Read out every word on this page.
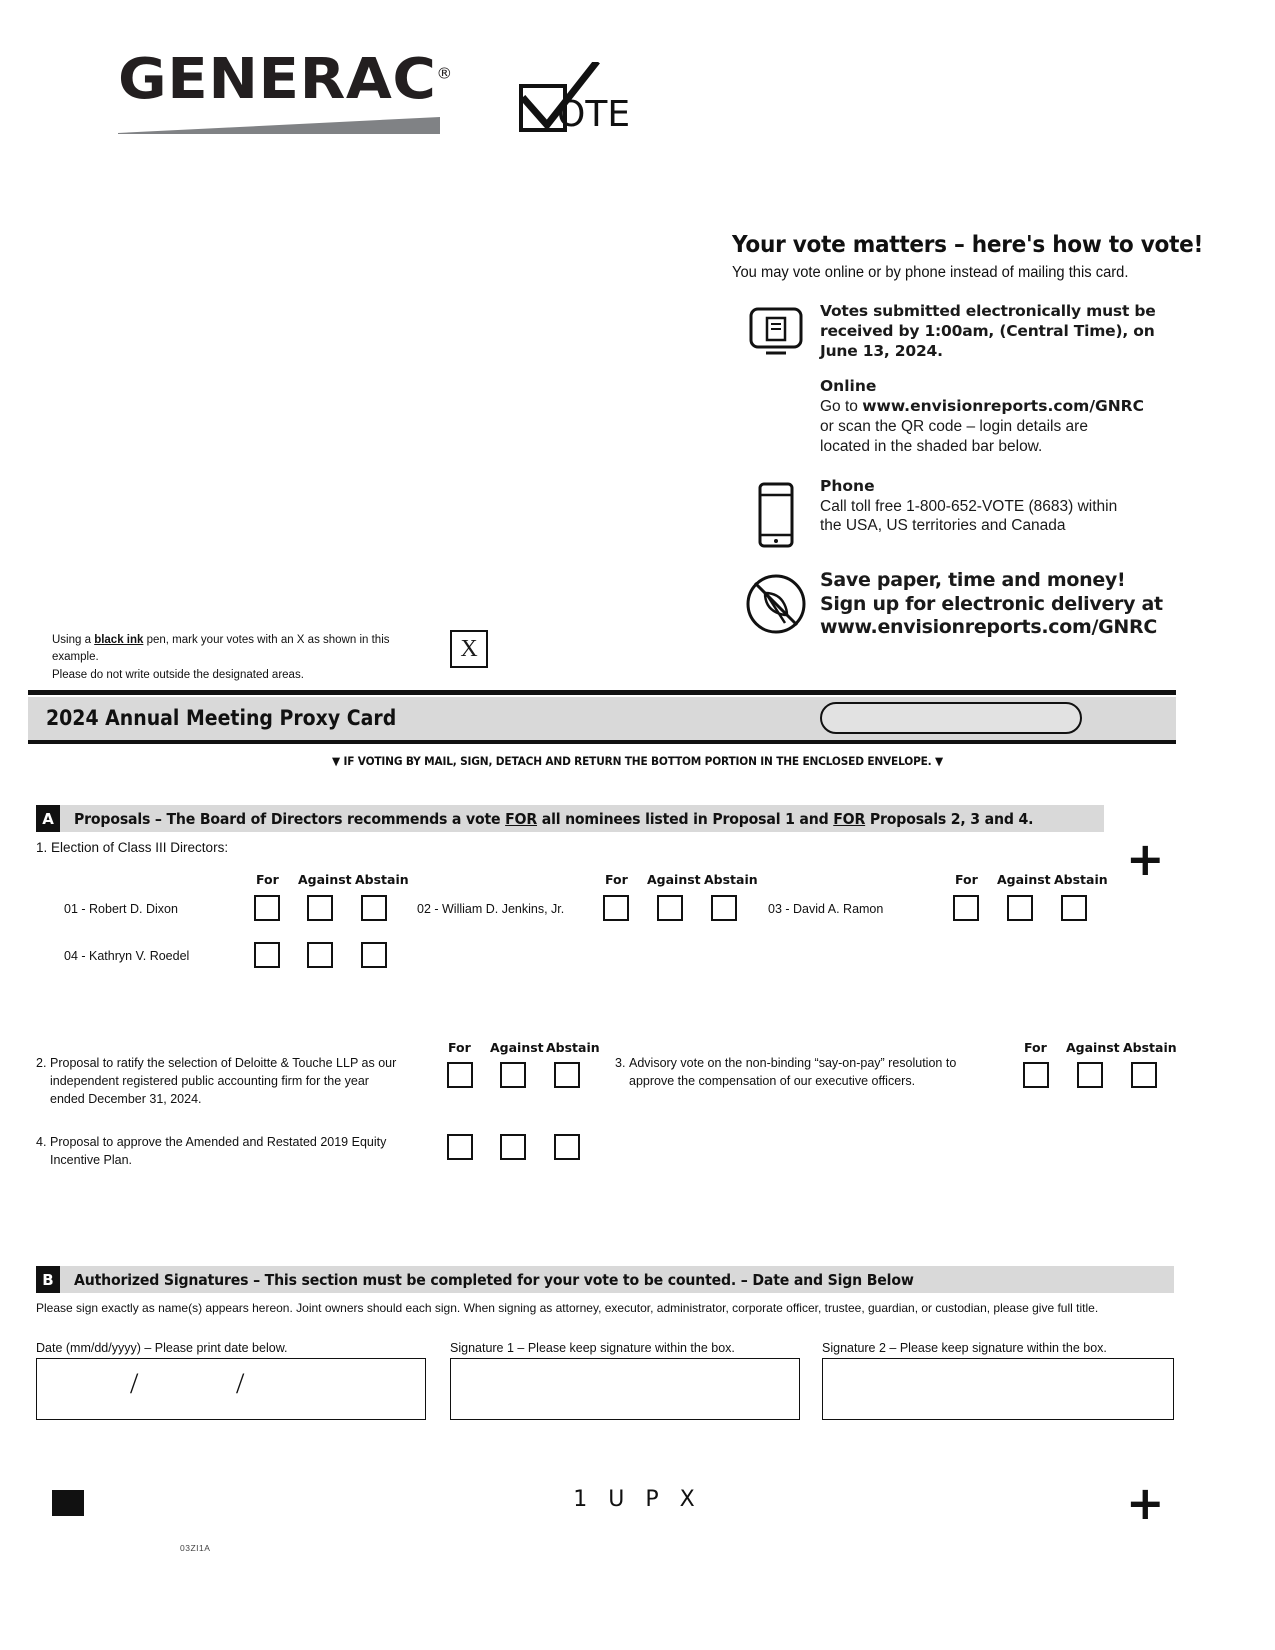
GENERAC®
OTE
Your vote matters – here's how to vote!
You may vote online or by phone instead of mailing this card.
Votes submitted electronically must be
received by 1:00am, (Central Time), on
June 13, 2024.
Online
Go to www.envisionreports.com/GNRC
or scan the QR code – login details are
located in the shaded bar below.
Phone
Call toll free 1-800-652-VOTE (8683) within
the USA, US territories and Canada
Save paper, time and money!
Sign up for electronic delivery at
www.envisionreports.com/GNRC
Using a black ink pen, mark your votes with an X as shown in this example.
Please do not write outside the designated areas.
X
2024 Annual Meeting Proxy Card
▼ IF VOTING BY MAIL, SIGN, DETACH AND RETURN THE BOTTOM PORTION IN THE ENCLOSED ENVELOPE. ▼
A	Proposals – The Board of Directors recommends a vote FOR all nominees listed in Proposal 1 and FOR Proposals 2, 3 and 4.
1. Election of Class III Directors:
01 - Robert D. Dixon
For Against Abstain
02 - William D. Jenkins, Jr.
For Against Abstain
03 - David A. Ramon
For Against Abstain
04 - Kathryn V. Roedel
2. Proposal to ratify the selection of Deloitte & Touche LLP as our
independent registered public accounting firm for the year
ended December 31, 2024.
For Against Abstain
3. Advisory vote on the non-binding “say-on-pay” resolution to
approve the compensation of our executive officers.
For Against Abstain
4. Proposal to approve the Amended and Restated 2019 Equity
Incentive Plan.
B	Authorized Signatures – This section must be completed for your vote to be counted. – Date and Sign Below
Please sign exactly as name(s) appears hereon. Joint owners should each sign. When signing as attorney, executor, administrator, corporate officer, trustee, guardian, or custodian, please give full title.
Date (mm/dd/yyyy) – Please print date below.
/	/
Signature 1 – Please keep signature within the box.	Signature 2 – Please keep signature within the box.
1 U P X
03ZI1A
+
+
